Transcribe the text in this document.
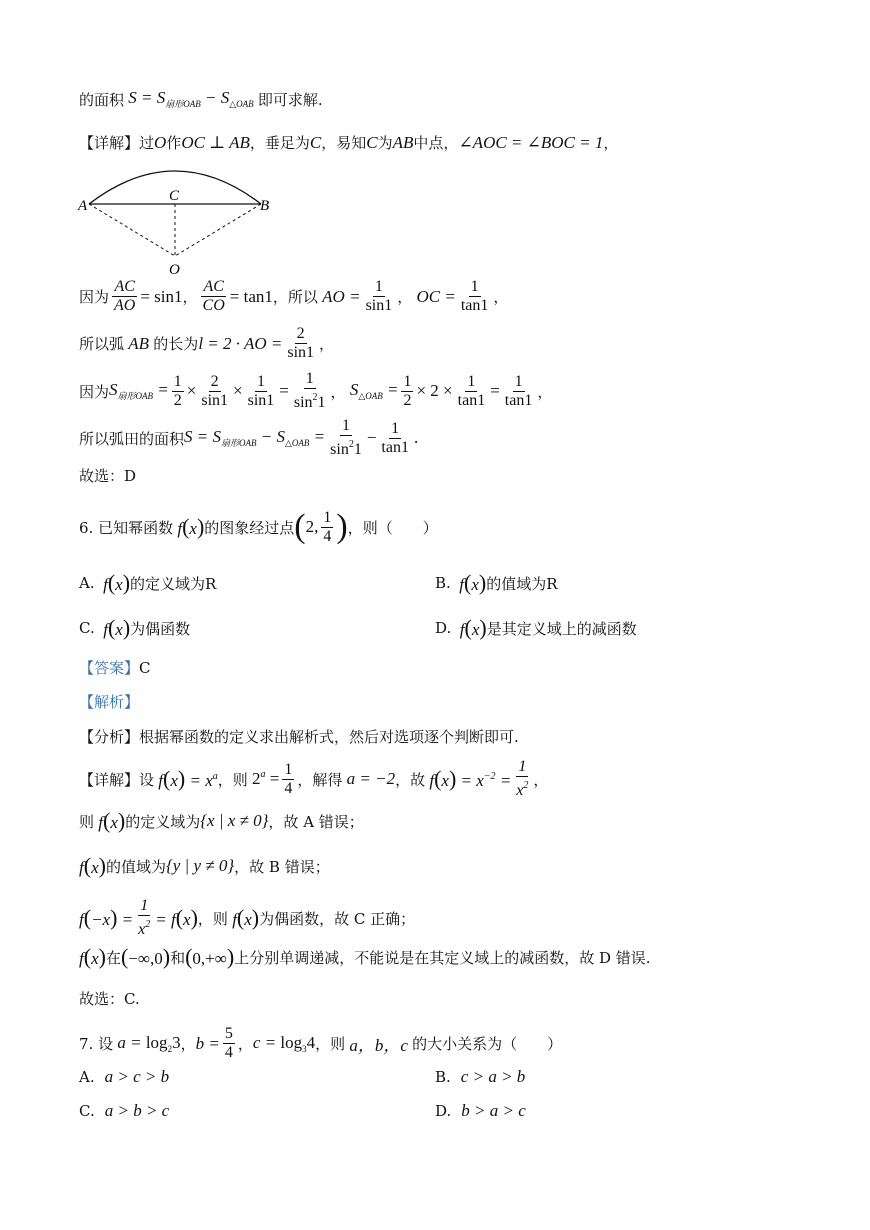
的面积 $S = S_{扇形OAB} - S_{\triangle OAB}$ 即可求解.
【详解】 过 O 作 OC ⊥ AB ，垂足为 C ，易知 C 为 AB 中点， ∠AOC = ∠BOC = 1 ，
A	B
C
O
因为 $\frac{AC}{AO} = \sin 1$ ， $\frac{AC}{CO} = \tan 1$ ， 所以 AO = $\frac{1}{\sin 1}$ ， OC = $\frac{1}{\tan 1}$ ，
所以弧 AB 的长为 l = 2 · AO = $\frac{2}{\sin 1}$ ，
因为 $S_{扇形OAB} = \frac{1}{2} \times \frac{2}{\sin 1} \times \frac{1}{\sin 1} = \frac{1}{\sin^21}$ ， $S_{\triangle OAB} = \frac{1}{2} \times 2 \times \frac{1}{\tan 1} = \frac{1}{\tan 1}$ ，
所以弧田的面积 $S = S_{扇形OAB} - S_{\triangle OAB} = \frac{1}{\sin^21} - \frac{1}{\tan 1}$ .
故选：D
6. 已知幂函数 f(x) 的图象经过点 ( 2, $\frac{1}{4}$ ) ，则（　　）
A. f(x) 的定义域为R	B. f(x) 的值域为R
C. f(x) 为偶函数	D. f(x) 是其定义域上的减函数
【答案】 C
【解析】
【分析】 根据幂函数的定义求出解析式，然后对选项逐个判断即可.
【详解】 设 $f(x) = x^a$ ，则 $2^a = \frac{1}{4}$ ，解得 a = −2 ，故 $f(x) = x^{-2} = \frac{1}{x^2}$ ，
则 f(x) 的定义域为 {x | x ≠ 0} ，故 A 错误；
f(x) 的值域为 {y | y ≠ 0} ，故 B 错误；
$f(-x) = \frac{1}{x^2} = f(x)$ ，则 f(x) 为偶函数，故 C 正确；
f(x) 在 (−∞,0) 和 (0,+∞) 上分别单调递减，不能说是在其定义域上的减函数，故 D 错误.
故选：C.
7. 设 $a = \log_23$ ， $b = \frac{5}{4}$ ， $c = \log_34$ ，则 a，b，c 的大小关系为（　　）
A. a > c > b	B. c > a > b
C. a > b > c	D. b > a > c
